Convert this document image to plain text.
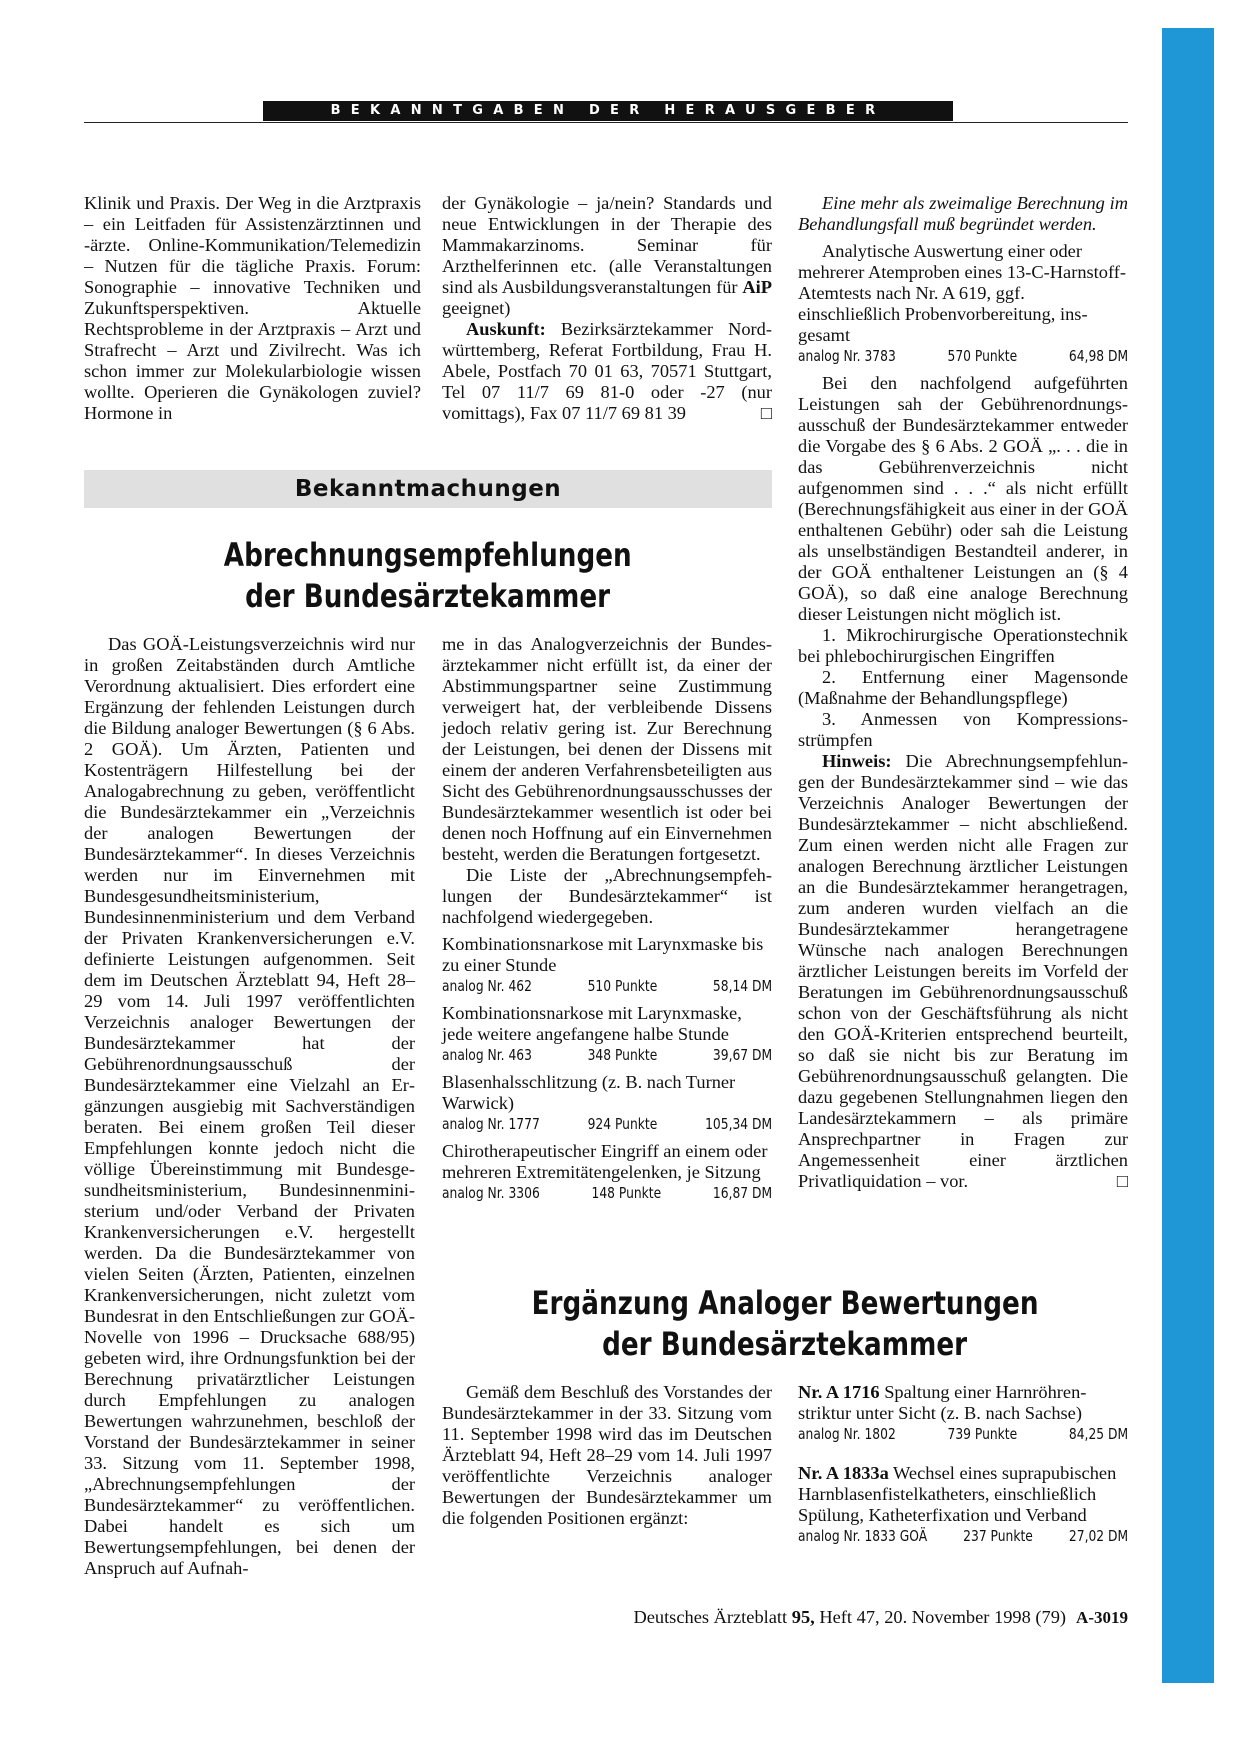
BEKANNTGABEN DER HERAUSGEBER

Klinik und Praxis. Der Weg in die Arztpraxis – ein Leitfaden für Assistenzärztinnen und -ärzte. Online-Kommunikation/Telemedizin – Nutzen für die tägliche Praxis. Forum: Sonographie – innovative Techniken und Zukunftsperspektiven. Aktuelle Rechtsprobleme in der Arztpraxis – Arzt und Strafrecht – Arzt und Zivilrecht. Was ich schon immer zur Molekularbiologie wissen wollte. Operieren die Gynäkologen zuviel? Hormone in

der Gynäkologie – ja/nein? Standards und neue Entwicklungen in der Therapie des Mammakarzinoms. Seminar für Arzthelferinnen etc. (alle Veranstaltungen sind als Ausbildungsveranstaltungen für AiP geeignet)

Auskunft: Bezirksärztekammer Nordwürttemberg, Referat Fortbildung, Frau H. Abele, Postfach 70 01 63, 70571 Stuttgart, Tel 07 11/7 69 81-0 oder -27 (nur vomittags), Fax 07 11/7 69 81 39	□

Bekanntmachungen
Abrechnungsempfehlungen
der Bundesärztekammer

Das GOÄ-Leistungsverzeichnis wird nur in großen Zeitabständen durch Amtliche Verordnung aktualisiert. Dies erfordert eine Ergänzung der fehlenden Leistungen durch die Bildung analoger Bewertungen (§ 6 Abs. 2 GOÄ). Um Ärzten, Patienten und Kostenträgern Hilfestellung bei der Analogabrechnung zu geben, veröffentlicht die Bundesärztekammer ein „Verzeichnis der analogen Bewertungen der Bundesärztekammer“. In dieses Verzeichnis werden nur im Einvernehmen mit Bundesgesundheitsministerium, Bundesinnenministerium und dem Verband der Privaten Krankenversicherungen e.V. definierte Leistungen aufgenommen. Seit dem im Deutschen Ärzteblatt 94, Heft 28–29 vom 14. Juli 1997 veröffentlichten Verzeichnis analoger Bewertungen der Bundesärztekammer hat der Gebührenordnungsausschuß der Bundesärztekammer eine Vielzahl an Ergänzungen ausgiebig mit Sachverständigen beraten. Bei einem großen Teil dieser Empfehlungen konnte jedoch nicht die völlige Übereinstimmung mit Bundesgesundheitsministerium, Bundesinnenministerium und/oder Verband der Privaten Krankenversicherungen e.V. hergestellt werden. Da die Bundesärztekammer von vielen Seiten (Ärzten, Patienten, einzelnen Krankenversicherungen, nicht zuletzt vom Bundesrat in den Entschließungen zur GOÄ-Novelle von 1996 – Drucksache 688/95) gebeten wird, ihre Ordnungsfunktion bei der Berechnung privatärztlicher Leistungen durch Empfehlungen zu analogen Bewertungen wahrzunehmen, beschloß der Vorstand der Bundesärztekammer in seiner 33. Sitzung vom 11. September 1998, „Abrechnungsempfehlungen der Bundesärztekammer“ zu veröffentlichen. Dabei handelt es sich um Bewertungsempfehlungen, bei denen der Anspruch auf Aufnah-

me in das Analogverzeichnis der Bundesärztekammer nicht erfüllt ist, da einer der Abstimmungspartner seine Zustimmung verweigert hat, der verbleibende Dissens jedoch relativ gering ist. Zur Berechnung der Leistungen, bei denen der Dissens mit einem der anderen Verfahrensbeteiligten aus Sicht des Gebührenordnungsausschusses der Bundesärztekammer wesentlich ist oder bei denen noch Hoffnung auf ein Einvernehmen besteht, werden die Beratungen fortgesetzt.

Die Liste der „Abrechnungsempfehlungen der Bundesärztekammer“ ist nachfolgend wiedergegeben.

Kombinationsnarkose mit Larynxmaske bis zu einer Stunde

analog Nr. 462	510 Punkte	58,14 DM

Kombinationsnarkose mit Larynxmaske, jede weitere angefangene halbe Stunde

analog Nr. 463	348 Punkte	39,67 DM

Blasenhalsschlitzung (z. B. nach Turner Warwick)

analog Nr. 1777	924 Punkte	105,34 DM

Chirotherapeutischer Eingriff an einem oder mehreren Extremitätengelenken, je Sitzung

analog Nr. 3306	148 Punkte	16,87 DM

Eine mehr als zweimalige Berechnung im Behandlungsfall muß begründet werden.

Analytische Auswertung einer oder mehrerer Atemproben eines 13-C-Harnstoff-Atemtests nach Nr. A 619, ggf. einschließlich Probenvorbereitung, insgesamt

analog Nr. 3783	570 Punkte	64,98 DM

Bei den nachfolgend aufgeführten Leistungen sah der Gebührenordnungsausschuß der Bundesärztekammer entweder die Vorgabe des § 6 Abs. 2 GOÄ „. . . die in das Gebührenverzeichnis nicht aufgenommen sind . . .“ als nicht erfüllt (Berechnungsfähigkeit aus einer in der GOÄ enthaltenen Gebühr) oder sah die Leistung als unselbständigen Bestandteil anderer, in der GOÄ enthaltener Leistungen an (§ 4 GOÄ), so daß eine analoge Berechnung dieser Leistungen nicht möglich ist.

1. Mikrochirurgische Operationstechnik bei phlebochirurgischen Eingriffen

2. Entfernung einer Magensonde (Maßnahme der Behandlungspflege)

3. Anmessen von Kompressionsstrümpfen

Hinweis: Die Abrechnungsempfehlungen der Bundesärztekammer sind – wie das Verzeichnis Analoger Bewertungen der Bundesärztekammer – nicht abschließend. Zum einen werden nicht alle Fragen zur analogen Berechnung ärztlicher Leistungen an die Bundesärztekammer herangetragen, zum anderen wurden vielfach an die Bundesärztekammer herangetragene Wünsche nach analogen Berechnungen ärztlicher Leistungen bereits im Vorfeld der Beratungen im Gebührenordnungsausschuß schon von der Geschäftsführung als nicht den GOÄ-Kriterien entsprechend beurteilt, so daß sie nicht bis zur Beratung im Gebührenordnungsausschuß gelangten. Die dazu gegebenen Stellungnahmen liegen den Landesärztekammern – als primäre Ansprechpartner in Fragen zur Angemessenheit einer ärztlichen Privatliquidation – vor.	□

Ergänzung Analoger Bewertungen
der Bundesärztekammer

Gemäß dem Beschluß des Vorstandes der Bundesärztekammer in der 33. Sitzung vom 11. September 1998 wird das im Deutschen Ärzteblatt 94, Heft 28–29 vom 14. Juli 1997 veröffentlichte Verzeichnis analoger Bewertungen der Bundesärztekammer um die folgenden Positionen ergänzt:

Nr. A 1716 Spaltung einer Harnröhrenstriktur unter Sicht (z. B. nach Sachse)

analog Nr. 1802	739 Punkte	84,25 DM

Nr. A 1833a Wechsel eines suprapubischen Harnblasenfistelkatheters, einschließlich Spülung, Katheterfixation und Verband

analog Nr. 1833 GOÄ 237 Punkte 27,02 DM
Deutsches Ärzteblatt 95, Heft 47, 20. November 1998 (79) A-3019
